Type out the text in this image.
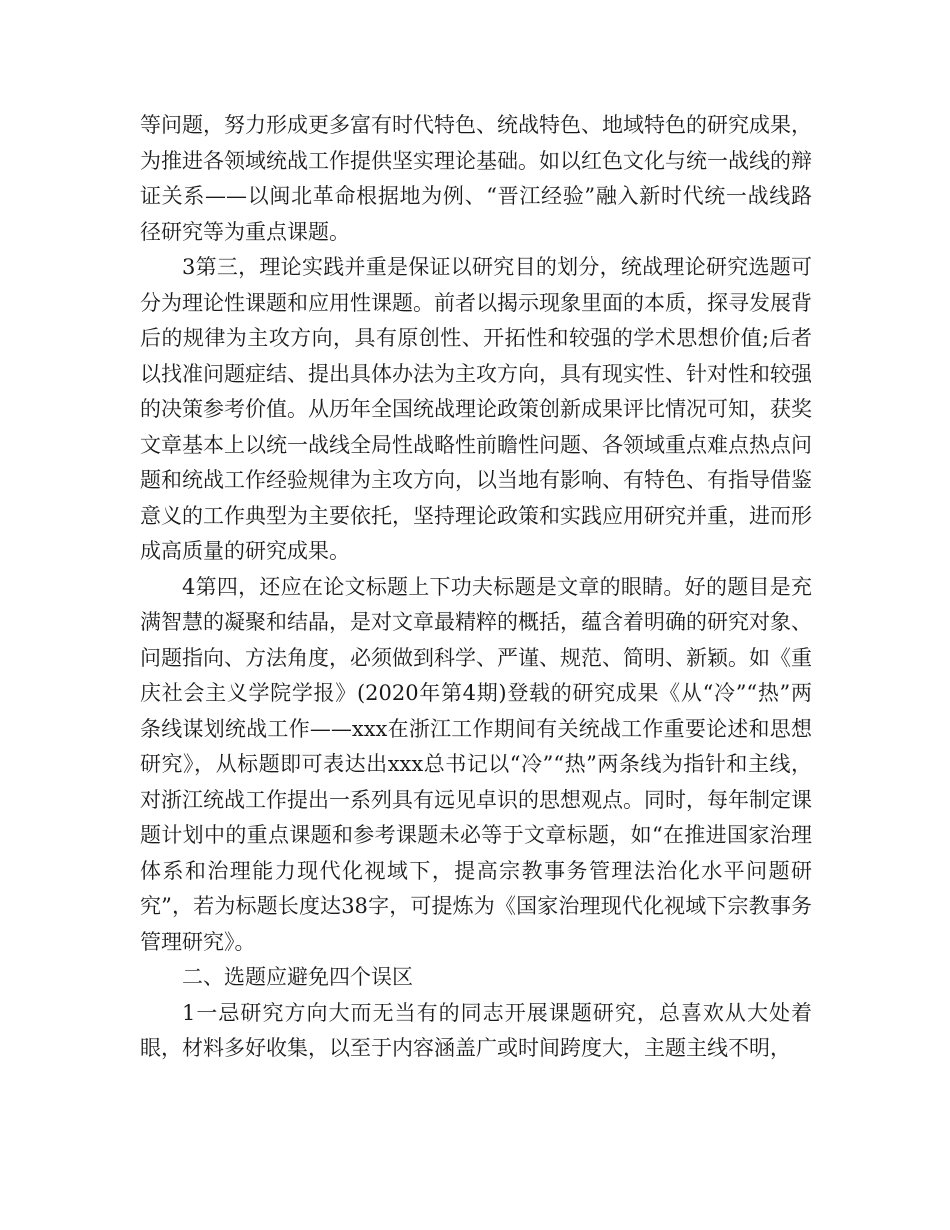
等问题，努力形成更多富有时代特色、统战特色、地域特色的研究成果，为推进各领域统战工作提供坚实理论基础。如以红色文化与统一战线的辩证关系——以闽北革命根据地为例、“晋江经验”融入新时代统一战线路径研究等为重点课题。

3第三，理论实践并重是保证以研究目的划分，统战理论研究选题可分为理论性课题和应用性课题。前者以揭示现象里面的本质，探寻发展背后的规律为主攻方向，具有原创性、开拓性和较强的学术思想价值;后者以找准问题症结、提出具体办法为主攻方向，具有现实性、针对性和较强的决策参考价值。从历年全国统战理论政策创新成果评比情况可知，获奖文章基本上以统一战线全局性战略性前瞻性问题、各领域重点难点热点问题和统战工作经验规律为主攻方向，以当地有影响、有特色、有指导借鉴意义的工作典型为主要依托，坚持理论政策和实践应用研究并重，进而形成高质量的研究成果。

4第四，还应在论文标题上下功夫标题是文章的眼睛。好的题目是充满智慧的凝聚和结晶，是对文章最精粹的概括，蕴含着明确的研究对象、问题指向、方法角度，必须做到科学、严谨、规范、简明、新颖。如《重庆社会主义学院学报》(2020年第4期)登载的研究成果《从“冷”“热”两条线谋划统战工作——xxx在浙江工作期间有关统战工作重要论述和思想研究》，从标题即可表达出xxx总书记以“冷”“热”两条线为指针和主线，对浙江统战工作提出一系列具有远见卓识的思想观点。同时，每年制定课题计划中的重点课题和参考课题未必等于文章标题，如“在推进国家治理体系和治理能力现代化视域下，提高宗教事务管理法治化水平问题研究”，若为标题长度达38字，可提炼为《国家治理现代化视域下宗教事务管理研究》。

二、选题应避免四个误区

1一忌研究方向大而无当有的同志开展课题研究，总喜欢从大处着眼，材料多好收集，以至于内容涵盖广或时间跨度大，主题主线不明，
